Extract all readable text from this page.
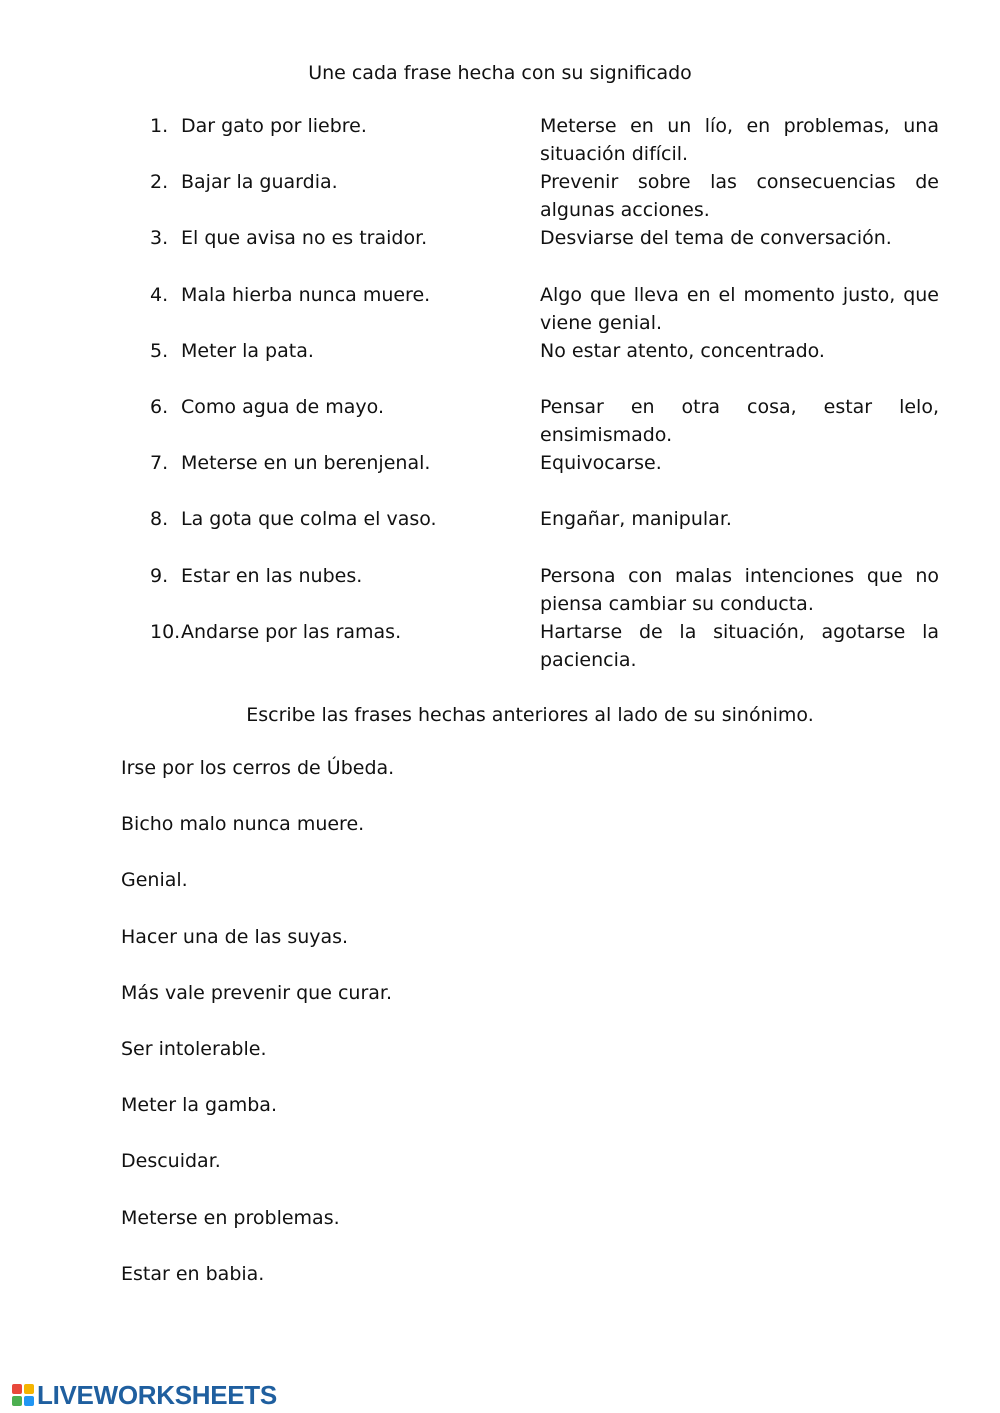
Une cada frase hecha con su significado
1. Dar gato por liebre.	Meterse en un lío, en problemas, una situación difícil.
2. Bajar la guardia.	Prevenir sobre las consecuencias de algunas acciones.
3. El que avisa no es traidor.	Desviarse del tema de conversación.
4. Mala hierba nunca muere.	Algo que lleva en el momento justo, que viene genial.
5. Meter la pata.	No estar atento, concentrado.
6. Como agua de mayo.	Pensar en otra cosa, estar lelo, ensimismado.
7. Meterse en un berenjenal.	Equivocarse.
8. La gota que colma el vaso.	Engañar, manipular.
9. Estar en las nubes.	Persona con malas intenciones que no piensa cambiar su conducta.
10. Andarse por las ramas.	Hartarse de la situación, agotarse la paciencia.
Escribe las frases hechas anteriores al lado de su sinónimo.
Irse por los cerros de Úbeda.
Bicho malo nunca muere.
Genial.
Hacer una de las suyas.
Más vale prevenir que curar.
Ser intolerable.
Meter la gamba.
Descuidar.
Meterse en problemas.
Estar en babia.
LIVEWORKSHEETS
